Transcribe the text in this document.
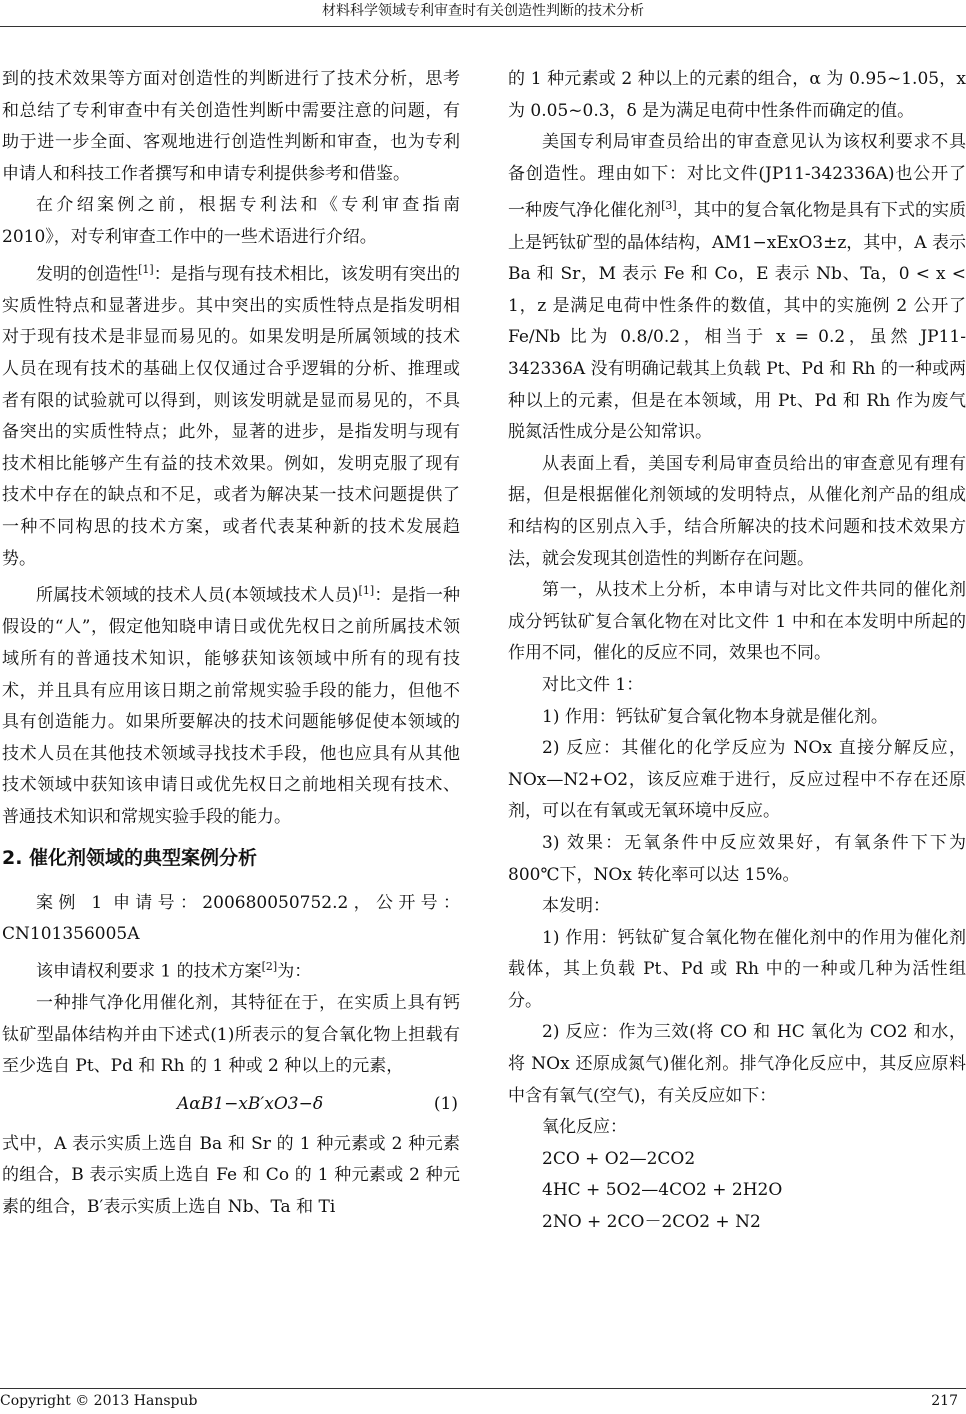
材料科学领域专利审查时有关创造性判断的技术分析

到的技术效果等方面对创造性的判断进行了技术分析，思考和总结了专利审查中有关创造性判断中需要注意的问题，有助于进一步全面、客观地进行创造性判断和审查，也为专利申请人和科技工作者撰写和申请专利提供参考和借鉴。

在介绍案例之前，根据专利法和《专利审查指南2010》，对专利审查工作中的一些术语进行介绍。

发明的创造性[1]：是指与现有技术相比，该发明有突出的实质性特点和显著进步。其中突出的实质性特点是指发明相对于现有技术是非显而易见的。如果发明是所属领域的技术人员在现有技术的基础上仅仅通过合乎逻辑的分析、推理或者有限的试验就可以得到，则该发明就是显而易见的，不具备突出的实质性特点；此外，显著的进步，是指发明与现有技术相比能够产生有益的技术效果。例如，发明克服了现有技术中存在的缺点和不足，或者为解决某一技术问题提供了一种不同构思的技术方案，或者代表某种新的技术发展趋势。

所属技术领域的技术人员(本领域技术人员)[1]：是指一种假设的“人”，假定他知晓申请日或优先权日之前所属技术领域所有的普通技术知识，能够获知该领域中所有的现有技术，并且具有应用该日期之前常规实验手段的能力，但他不具有创造能力。如果所要解决的技术问题能够促使本领域的技术人员在其他技术领域寻找技术手段，他也应具有从其他技术领域中获知该申请日或优先权日之前地相关现有技术、普通技术知识和常规实验手段的能力。

2. 催化剂领域的典型案例分析

案例 1 申请号：200680050752.2，公开号：CN101356005A

该申请权利要求 1 的技术方案[2]为：

一种排气净化用催化剂，其特征在于，在实质上具有钙钛矿型晶体结构并由下述式(1)所表示的复合氧化物上担载有至少选自 Pt、Pd 和 Rh 的 1 种或 2 种以上的元素，

AαB1−xB′xO3−δ	(1)

式中，A 表示实质上选自 Ba 和 Sr 的 1 种元素或 2 种元素的组合，B 表示实质上选自 Fe 和 Co 的 1 种元素或 2 种元素的组合，B′表示实质上选自 Nb、Ta 和 Ti

的 1 种元素或 2 种以上的元素的组合，α 为 0.95~1.05，x 为 0.05~0.3，δ 是为满足电荷中性条件而确定的值。

美国专利局审查员给出的审查意见认为该权利要求不具备创造性。理由如下：对比文件(JP11-342336A)也公开了一种废气净化催化剂[3]，其中的复合氧化物是具有下式的实质上是钙钛矿型的晶体结构，AM1−xExO3±z，其中，A 表示 Ba 和 Sr，M 表示 Fe 和 Co，E 表示 Nb、Ta，0 < x < 1，z 是满足电荷中性条件的数值，其中的实施例 2 公开了 Fe/Nb 比为 0.8/0.2，相当于 x = 0.2，虽然 JP11-342336A 没有明确记载其上负载 Pt、Pd 和 Rh 的一种或两种以上的元素，但是在本领域，用 Pt、Pd 和 Rh 作为废气脱氮活性成分是公知常识。

从表面上看，美国专利局审查员给出的审查意见有理有据，但是根据催化剂领域的发明特点，从催化剂产品的组成和结构的区别点入手，结合所解决的技术问题和技术效果方法，就会发现其创造性的判断存在问题。

第一，从技术上分析，本申请与对比文件共同的催化剂成分钙钛矿复合氧化物在对比文件 1 中和在本发明中所起的作用不同，催化的反应不同，效果也不同。

对比文件 1：

1) 作用：钙钛矿复合氧化物本身就是催化剂。

2) 反应：其催化的化学反应为 NOx 直接分解反应，NOx—N2+O2，该反应难于进行，反应过程中不存在还原剂，可以在有氧或无氧环境中反应。

3) 效果：无氧条件中反应效果好，有氧条件下下为 800℃下，NOx 转化率可以达 15%。

本发明：

1) 作用：钙钛矿复合氧化物在催化剂中的作用为催化剂载体，其上负载 Pt、Pd 或 Rh 中的一种或几种为活性组分。

2) 反应：作为三效(将 CO 和 HC 氧化为 CO2 和水，将 NOx 还原成氮气)催化剂。排气净化反应中，其反应原料中含有氧气(空气)，有关反应如下：

氧化反应：

2CO + O2—2CO2

4HC + 5O2—4CO2 + 2H2O

2NO + 2CO－2CO2 + N2

Copyright © 2013 Hanspub	217
